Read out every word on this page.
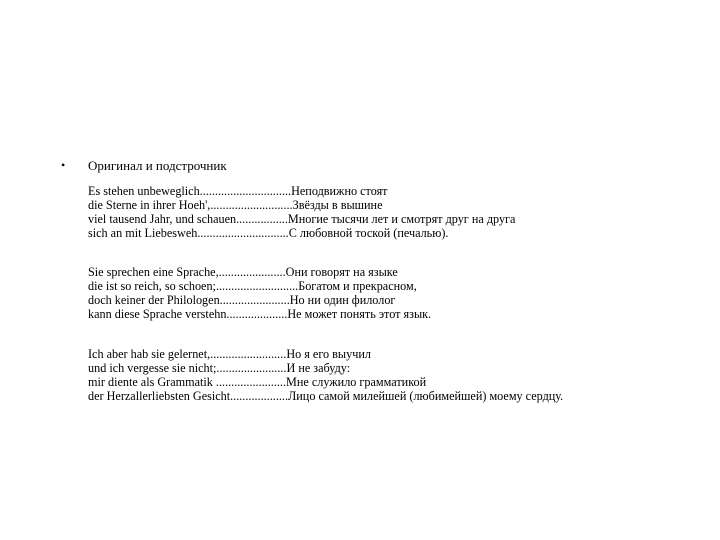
• Оригинал и подстрочник

Es stehen unbeweglich..............................Неподвижно стоят

die Sterne in ihrer Hoeh',...........................Звёзды в вышине

viel tausend Jahr, und schauen.................Многие тысячи лет и смотрят друг на друга

sich an mit Liebesweh..............................С любовной тоской (печалью).

Sie sprechen eine Sprache,......................Они говорят на языке

die ist so reich, so schoen;...........................Богатом и прекрасном,

doch keiner der Philologen.......................Но ни один филолог

kann diese Sprache verstehn....................Не может понять этот язык.

Ich aber hab sie gelernet,.........................Но я его выучил

und ich vergesse sie nicht;.......................И не забуду:

mir diente als Grammatik .......................Мне служило грамматикой

der Herzallerliebsten Gesicht...................Лицо самой милейшей (любимейшей) моему сердцу.
